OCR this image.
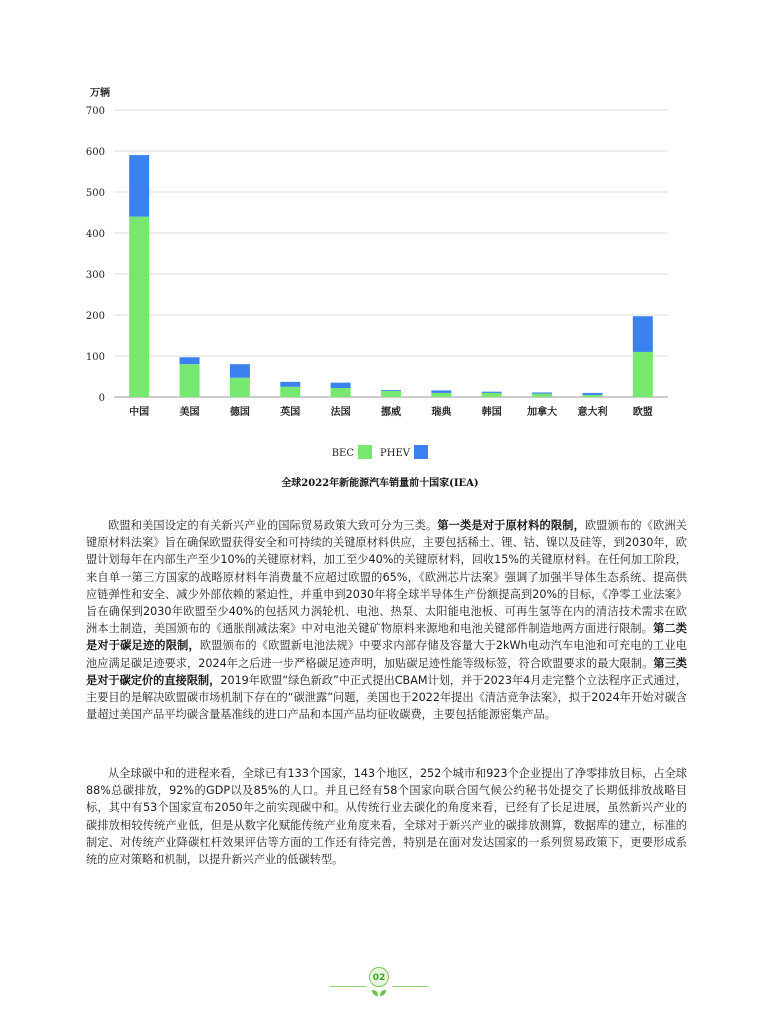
万辆
700
600
500
400
300
200
100
0
中国	美国	德国	英国	法国	挪威	瑞典	韩国	加拿大 意大利	欧盟
BEC	PHEV
全球2022年新能源汽车销量前十国家(IEA)

欧盟和美国设定的有关新兴产业的国际贸易政策大致可分为三类。第一类是对于原材料的限制，欧盟颁布的《欧洲关键原材料法案》旨在确保欧盟获得安全和可持续的关键原材料供应，主要包括稀土、锂、钴、镍以及硅等，到2030年，欧盟计划每年在内部生产至少10%的关键原材料，加工至少40%的关键原材料，回收15%的关键原材料。在任何加工阶段，来自单一第三方国家的战略原材料年消费量不应超过欧盟的65%，《欧洲芯片法案》强调了加强半导体生态系统、提高供应链弹性和安全、减少外部依赖的紧迫性，并重申到2030年将全球半导体生产份额提高到20%的目标，《净零工业法案》旨在确保到2030年欧盟至少40%的包括风力涡轮机、电池、热泵、太阳能电池板、可再生氢等在内的清洁技术需求在欧洲本土制造，美国颁布的《通胀削减法案》中对电池关键矿物原料来源地和电池关键部件制造地两方面进行限制。第二类是对于碳足迹的限制，欧盟颁布的《欧盟新电池法规》中要求内部存储及容量大于2kWh电动汽车电池和可充电的工业电池应满足碳足迹要求，2024年之后进一步严格碳足迹声明，加贴碳足迹性能等级标签，符合欧盟要求的最大限制。第三类是对于碳定价的直接限制，2019年欧盟“绿色新政”中正式提出CBAM计划，并于2023年4月走完整个立法程序正式通过，主要目的是解决欧盟碳市场机制下存在的“碳泄露”问题，美国也于2022年提出《清洁竞争法案》，拟于2024年开始对碳含量超过美国产品平均碳含量基准线的进口产品和本国产品均征收碳费，主要包括能源密集产品。

从全球碳中和的进程来看，全球已有133个国家，143个地区，252个城市和923个企业提出了净零排放目标，占全球88%总碳排放，92%的GDP以及85%的人口。并且已经有58个国家向联合国气候公约秘书处提交了长期低排放战略目标，其中有53个国家宣布2050年之前实现碳中和。从传统行业去碳化的角度来看，已经有了长足进展，虽然新兴产业的碳排放相较传统产业低，但是从数字化赋能传统产业角度来看，全球对于新兴产业的碳排放测算，数据库的建立，标准的制定、对传统产业降碳杠杆效果评估等方面的工作还有待完善，特别是在面对发达国家的一系列贸易政策下，更要形成系统的应对策略和机制，以提升新兴产业的低碳转型。

02
